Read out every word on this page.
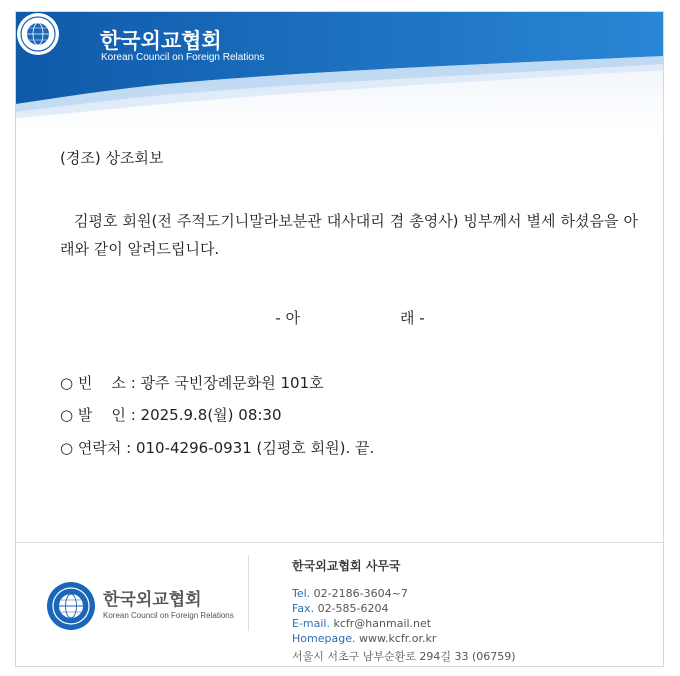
한국외교협회
Korean Council on Foreign Relations
(경조) 상조회보
김평호 회원(전 주적도기니말라보분관 대사대리 겸 총영사) 빙부께서 별세 하셨음을 아래와 같이 알려드립니다.
- 아	래 -
○ 빈    소 : 광주 국빈장례문화원 101호
○ 발    인 : 2025.9.8(월) 08:30
○ 연락처 : 010-4296-0931 (김평호 회원). 끝.
한국외교협회
Korean Council on Foreign Relations
한국외교협회 사무국
Tel. 02-2186-3604~7
Fax. 02-585-6204
E-mail. kcfr@hanmail.net
Homepage. www.kcfr.or.kr
서울시 서초구 남부순환로 294길 33 (06759)
